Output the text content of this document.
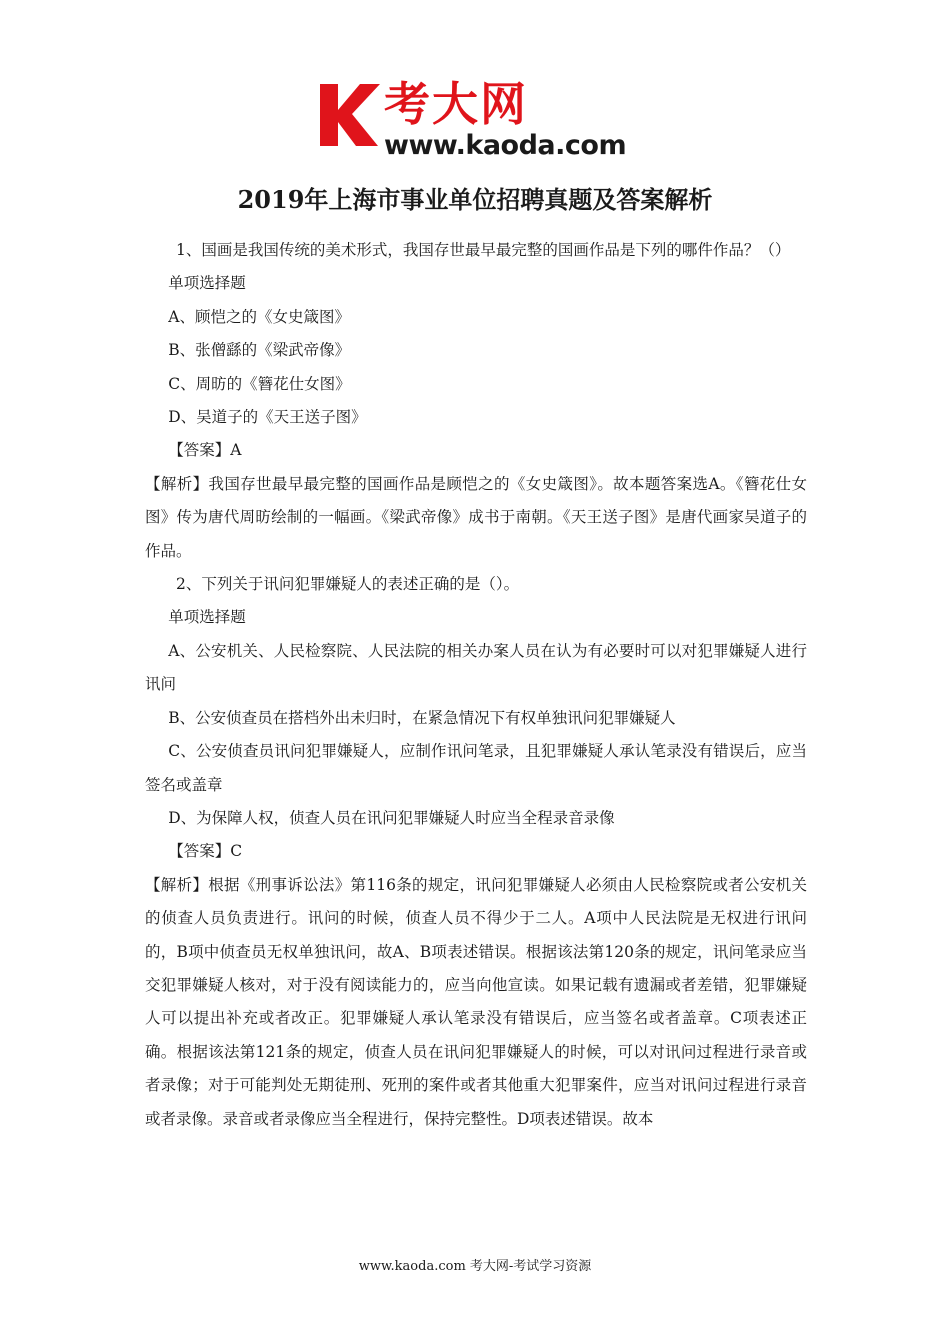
考大网
www.kaoda.com
2019年上海市事业单位招聘真题及答案解析

1、国画是我国传统的美术形式，我国存世最早最完整的国画作品是下列的哪件作品？（）

单项选择题

A、顾恺之的《女史箴图》

B、张僧繇的《梁武帝像》

C、周昉的《簪花仕女图》

D、吴道子的《天王送子图》

【答案】A

【解析】我国存世最早最完整的国画作品是顾恺之的《女史箴图》。故本题答案选A。《簪花仕女图》传为唐代周昉绘制的一幅画。《梁武帝像》成书于南朝。《天王送子图》是唐代画家吴道子的作品。

2、下列关于讯问犯罪嫌疑人的表述正确的是（）。

单项选择题

A、公安机关、人民检察院、人民法院的相关办案人员在认为有必要时可以对犯罪嫌疑人进行讯问

B、公安侦查员在搭档外出未归时，在紧急情况下有权单独讯问犯罪嫌疑人

C、公安侦查员讯问犯罪嫌疑人，应制作讯问笔录，且犯罪嫌疑人承认笔录没有错误后，应当签名或盖章

D、为保障人权，侦查人员在讯问犯罪嫌疑人时应当全程录音录像

【答案】C

【解析】根据《刑事诉讼法》第116条的规定，讯问犯罪嫌疑人必须由人民检察院或者公安机关的侦查人员负责进行。讯问的时候，侦查人员不得少于二人。A项中人民法院是无权进行讯问的，B项中侦查员无权单独讯问，故A、B项表述错误。根据该法第120条的规定，讯问笔录应当交犯罪嫌疑人核对，对于没有阅读能力的，应当向他宣读。如果记载有遗漏或者差错，犯罪嫌疑人可以提出补充或者改正。犯罪嫌疑人承认笔录没有错误后，应当签名或者盖章。C项表述正确。根据该法第121条的规定，侦查人员在讯问犯罪嫌疑人的时候，可以对讯问过程进行录音或者录像；对于可能判处无期徒刑、死刑的案件或者其他重大犯罪案件，应当对讯问过程进行录音或者录像。录音或者录像应当全程进行，保持完整性。D项表述错误。故本

www.kaoda.com 考大网-考试学习资源
